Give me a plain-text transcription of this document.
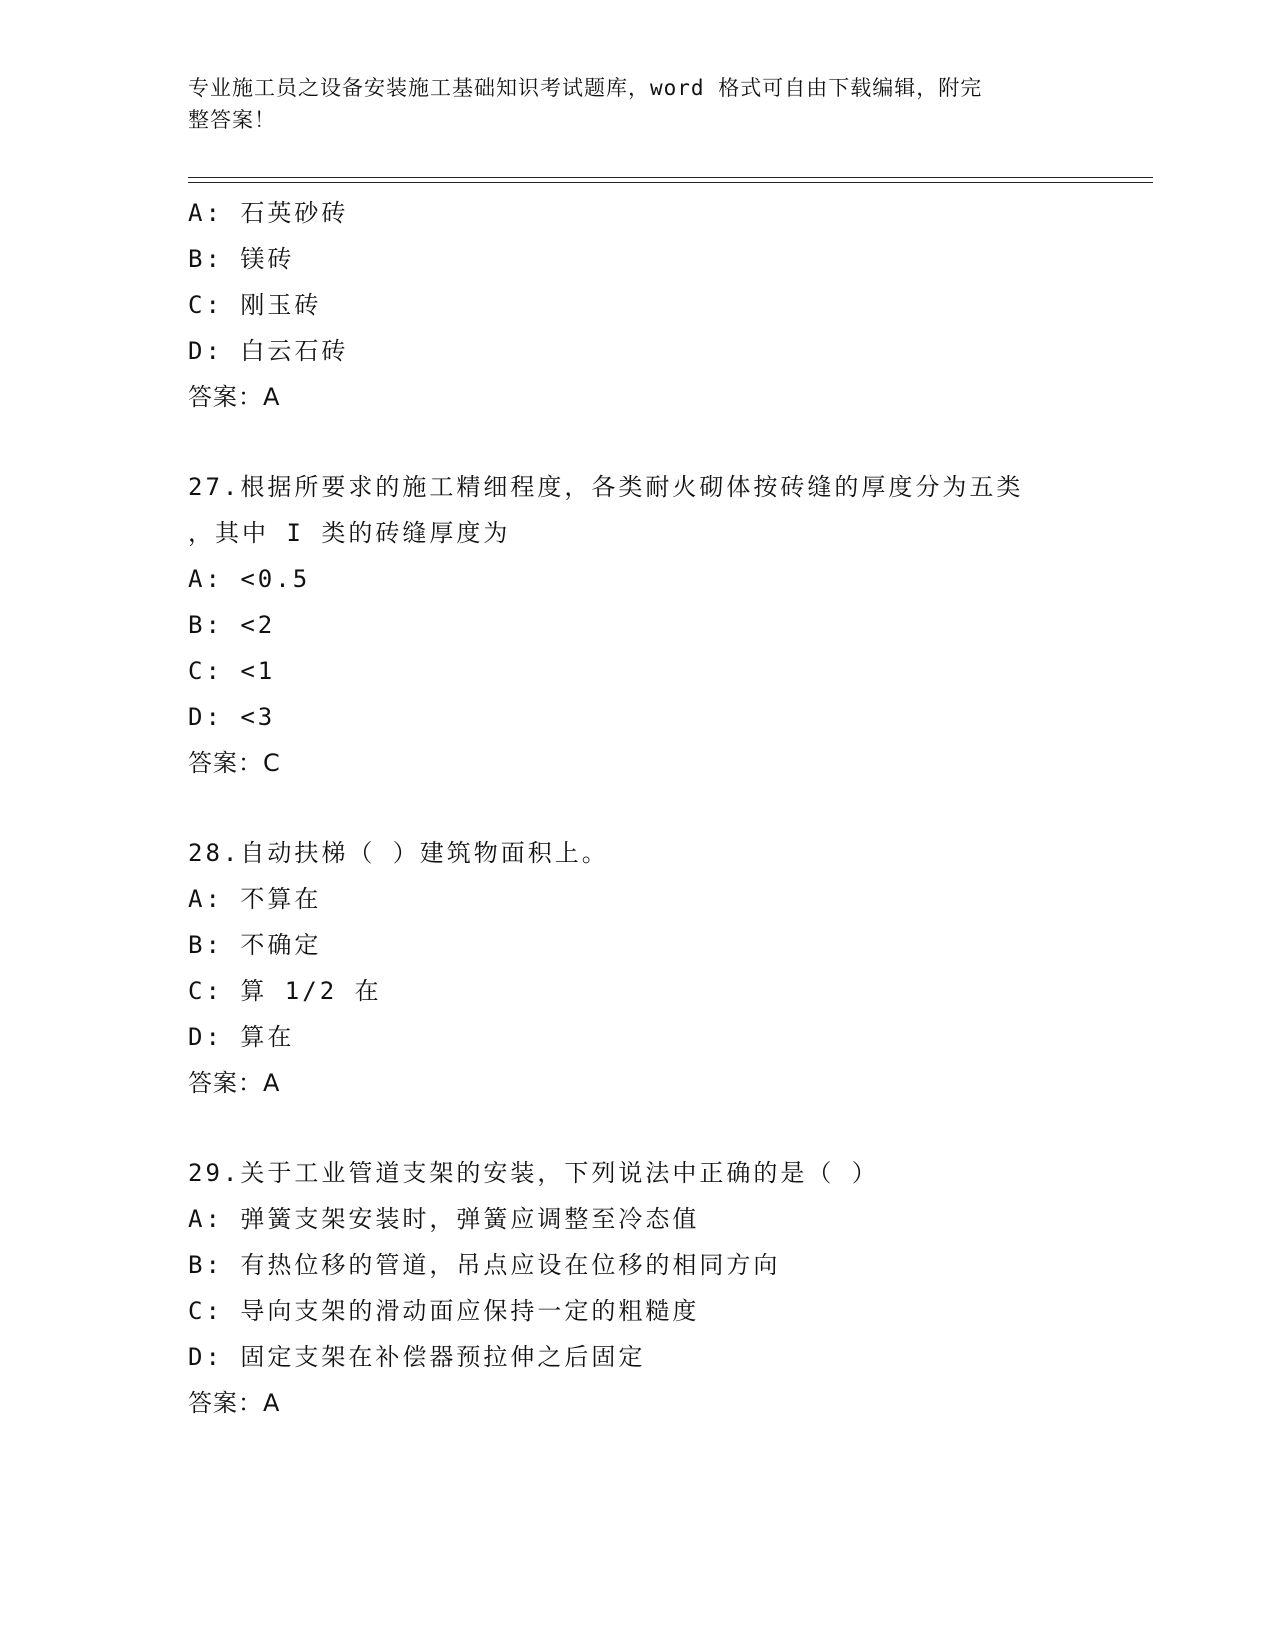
专业施工员之设备安装施工基础知识考试题库，word 格式可自由下载编辑，附完
整答案！
A: 石英砂砖
B: 镁砖
C: 刚玉砖
D: 白云石砖
答案：A
27.根据所要求的施工精细程度，各类耐火砌体按砖缝的厚度分为五类
，其中 I 类的砖缝厚度为
A: <0.5
B: <2
C: <1
D: <3
答案：C
28.自动扶梯（ ）建筑物面积上。
A: 不算在
B: 不确定
C: 算 1/2 在
D: 算在
答案：A
29.关于工业管道支架的安装，下列说法中正确的是（ ）
A: 弹簧支架安装时，弹簧应调整至冷态值
B: 有热位移的管道，吊点应设在位移的相同方向
C: 导向支架的滑动面应保持一定的粗糙度
D: 固定支架在补偿器预拉伸之后固定
答案：A
